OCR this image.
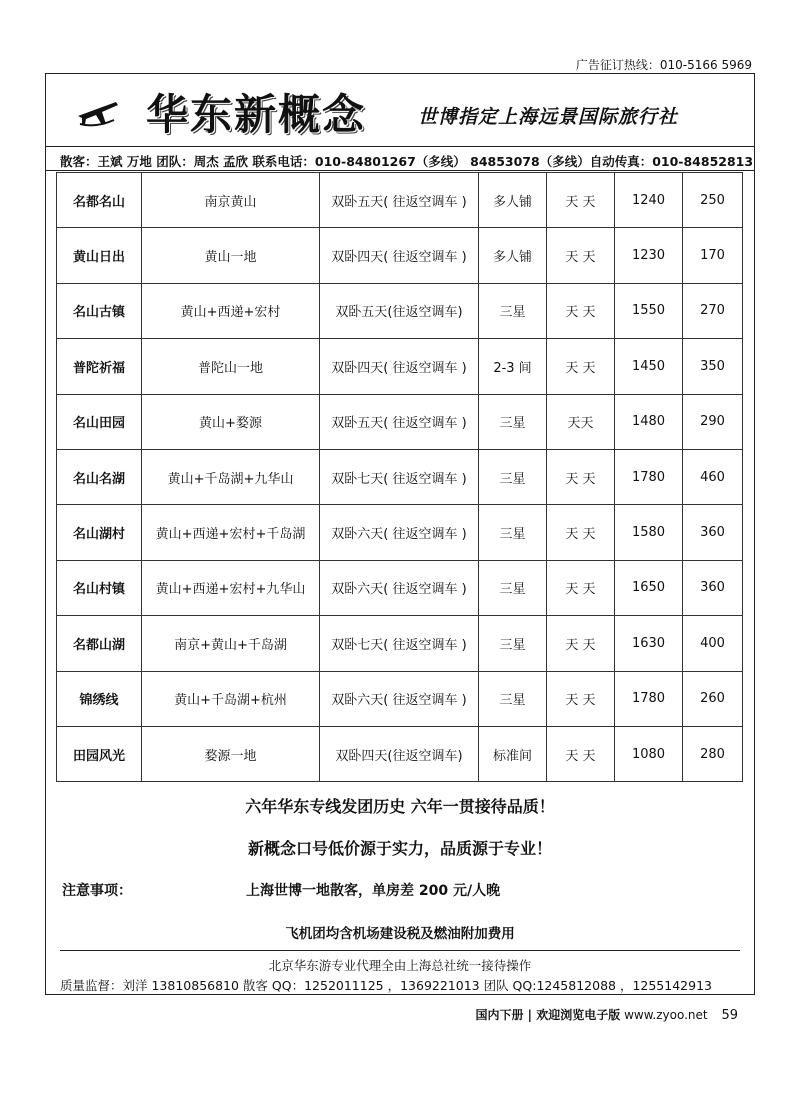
广告征订热线：010-5166 5969
华东新概念	世博指定上海远景国际旅行社
散客：王斌 万地 团队：周杰 孟欣 联系电话：010-84801267（多线） 84853078（多线）自动传真：010-84852813
名都名山	南京黄山	双卧五天( 往返空调车 )	多人铺	天 天	1240	250
黄山日出	黄山一地	双卧四天( 往返空调车 )	多人铺	天 天	1230	170
名山古镇	黄山+西递+宏村	双卧五天(往返空调车)	三星	天 天	1550	270
普陀祈福	普陀山一地	双卧四天( 往返空调车 )	2-3 间	天 天	1450	350
名山田园	黄山+婺源	双卧五天( 往返空调车 )	三星	天天	1480	290
名山名湖	黄山+千岛湖+九华山	双卧七天( 往返空调车 )	三星	天 天	1780	460
名山湖村	黄山+西递+宏村+千岛湖	双卧六天( 往返空调车 )	三星	天 天	1580	360
名山村镇	黄山+西递+宏村+九华山	双卧六天( 往返空调车 )	三星	天 天	1650	360
名都山湖	南京+黄山+千岛湖	双卧七天( 往返空调车 )	三星	天 天	1630	400
锦绣线	黄山+千岛湖+杭州	双卧六天( 往返空调车 )	三星	天 天	1780	260
田园风光	婺源一地	双卧四天(往返空调车)	标准间	天 天	1080	280
六年华东专线发团历史 六年一贯接待品质！
新概念口号低价源于实力，品质源于专业！
注意事项：	上海世博一地散客，单房差 200 元/人晚
飞机团均含机场建设税及燃油附加费用
北京华东游专业代理全由上海总社统一接待操作
质量监督：刘洋 13810856810 散客 QQ：1252011125 ，1369221013 团队 QQ:1245812088 ，1255142913
国内下册 | 欢迎浏览电子版 www.zyoo.net 59
